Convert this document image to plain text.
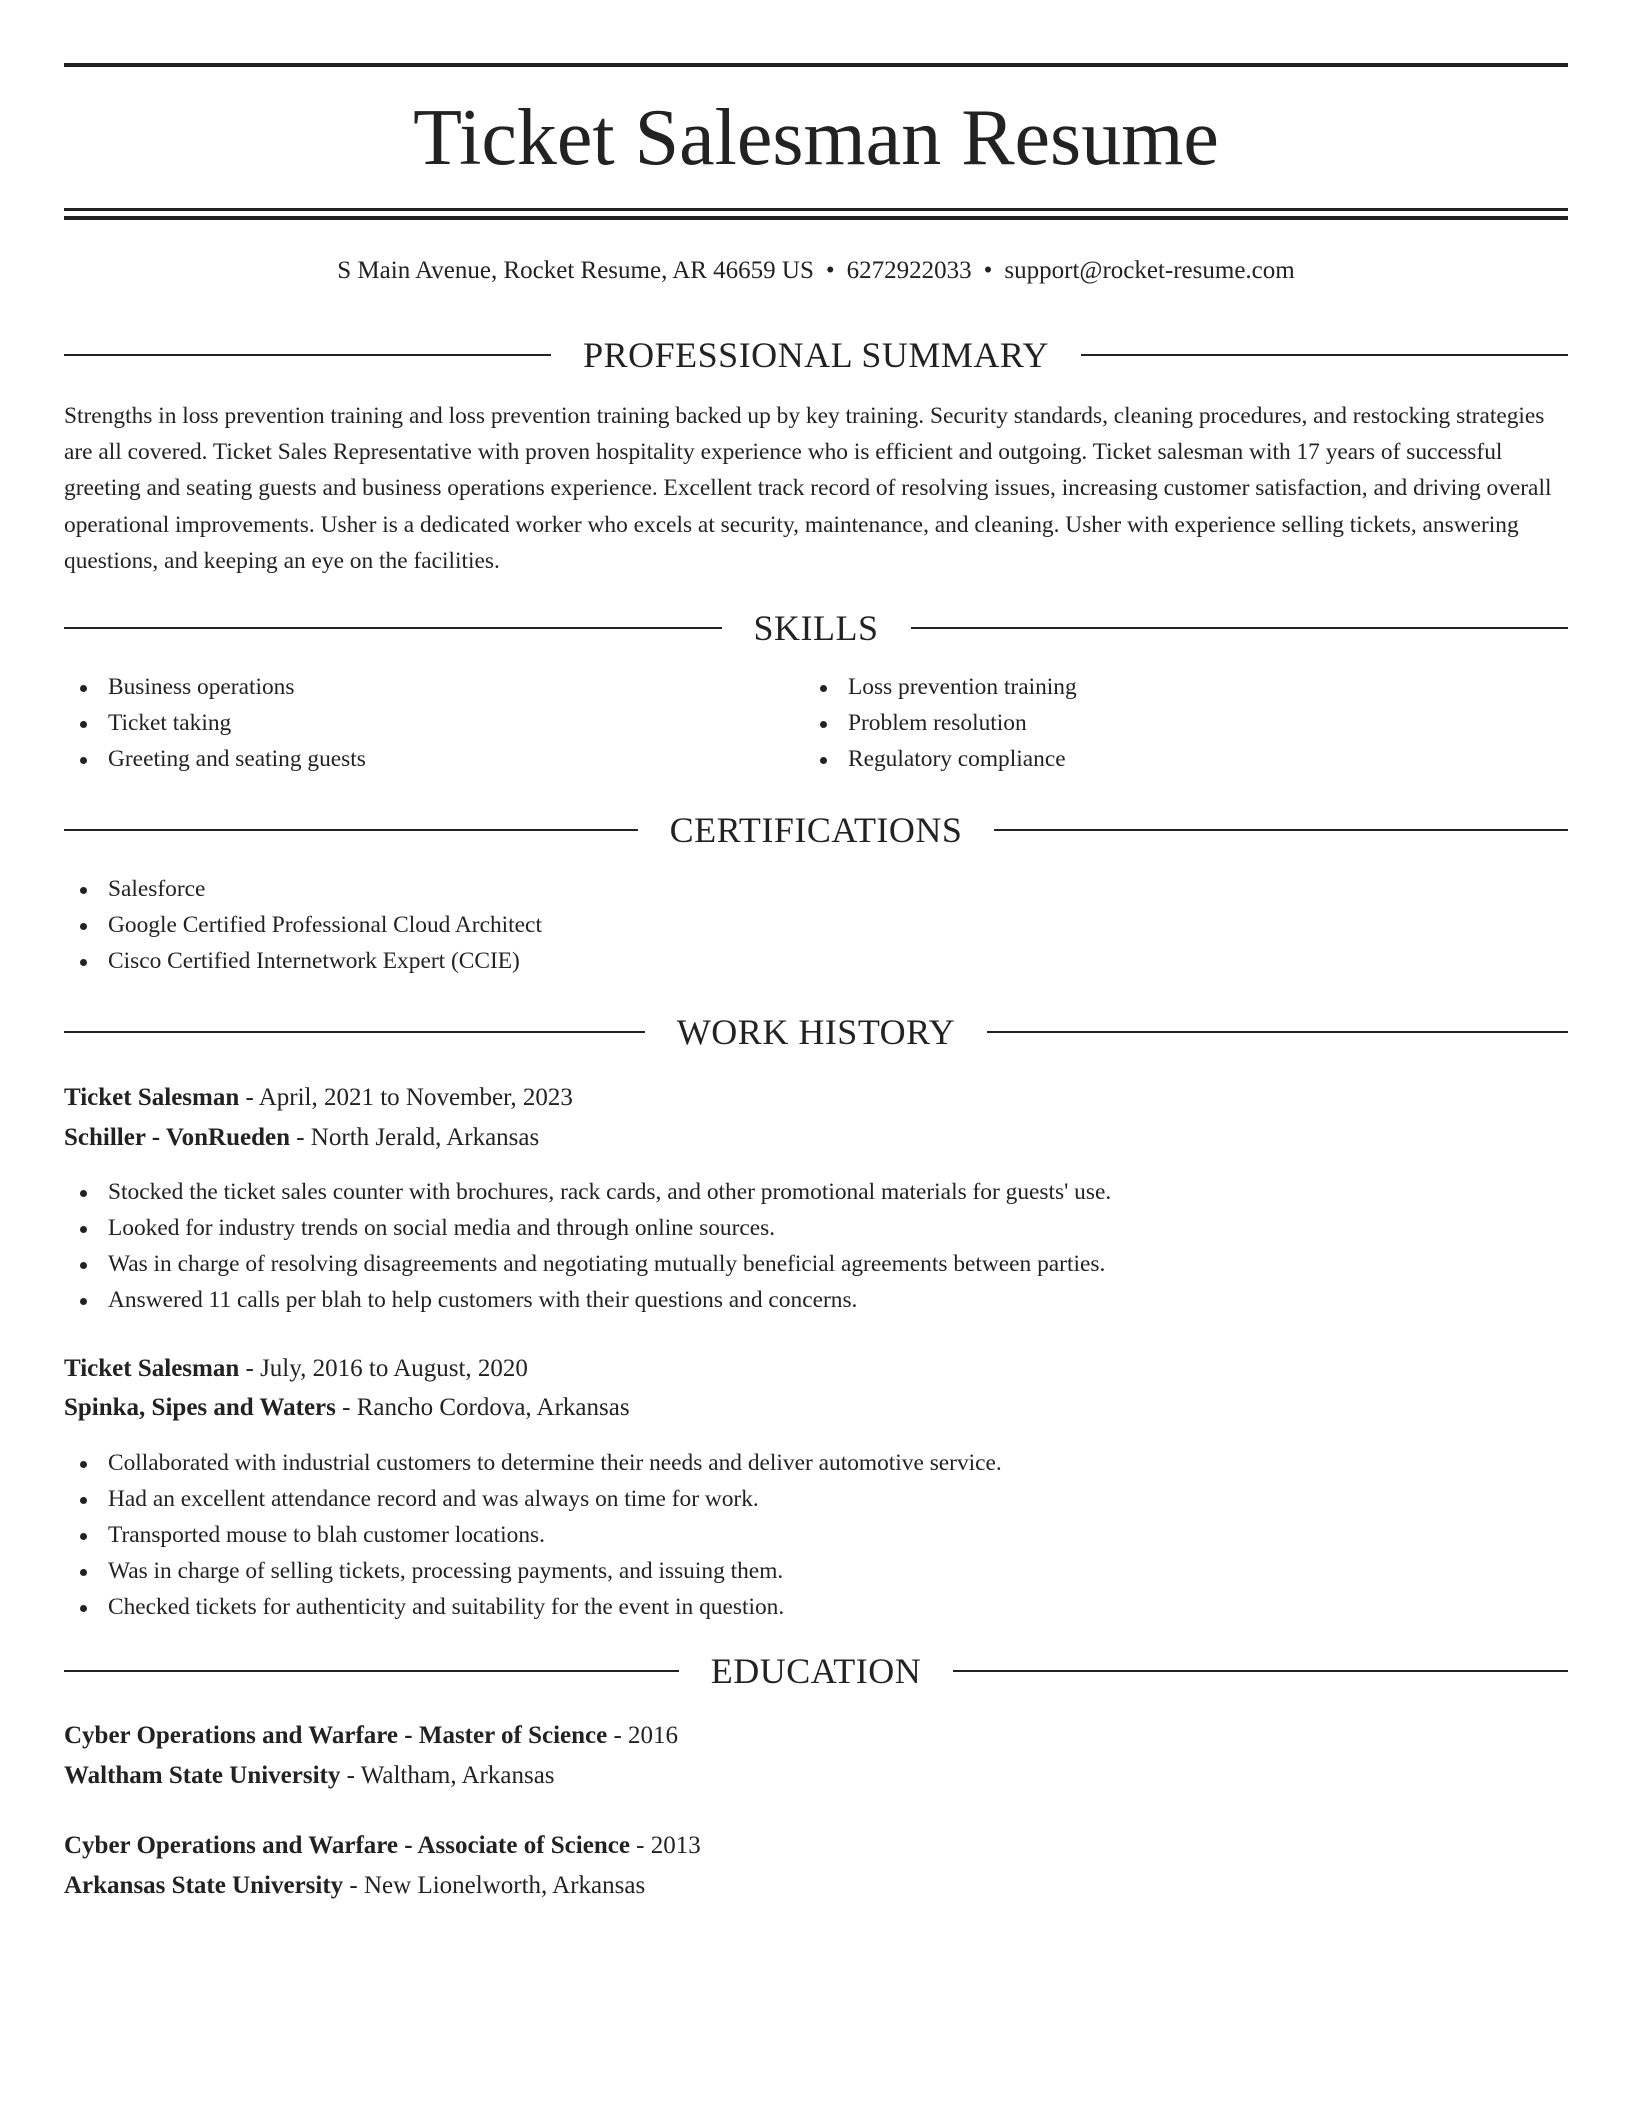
Ticket Salesman Resume
S Main Avenue, Rocket Resume, AR 46659 US • 6272922033 • support@rocket-resume.com
PROFESSIONAL SUMMARY

Strengths in loss prevention training and loss prevention training backed up by key training. Security standards, cleaning procedures, and restocking strategies are all covered. Ticket Sales Representative with proven hospitality experience who is efficient and outgoing. Ticket salesman with 17 years of successful greeting and seating guests and business operations experience. Excellent track record of resolving issues, increasing customer satisfaction, and driving overall operational improvements. Usher is a dedicated worker who excels at security, maintenance, and cleaning. Usher with experience selling tickets, answering questions, and keeping an eye on the facilities.

SKILLS
Business operations
Ticket taking
Greeting and seating guests
Loss prevention training
Problem resolution
Regulatory compliance
CERTIFICATIONS
Salesforce
Google Certified Professional Cloud Architect
Cisco Certified Internetwork Expert (CCIE)
WORK HISTORY
Ticket Salesman - April, 2021 to November, 2023
Schiller - VonRueden - North Jerald, Arkansas
Stocked the ticket sales counter with brochures, rack cards, and other promotional materials for guests' use.
Looked for industry trends on social media and through online sources.
Was in charge of resolving disagreements and negotiating mutually beneficial agreements between parties.
Answered 11 calls per blah to help customers with their questions and concerns.
Ticket Salesman - July, 2016 to August, 2020
Spinka, Sipes and Waters - Rancho Cordova, Arkansas
Collaborated with industrial customers to determine their needs and deliver automotive service.
Had an excellent attendance record and was always on time for work.
Transported mouse to blah customer locations.
Was in charge of selling tickets, processing payments, and issuing them.
Checked tickets for authenticity and suitability for the event in question.
EDUCATION
Cyber Operations and Warfare - Master of Science - 2016
Waltham State University - Waltham, Arkansas
Cyber Operations and Warfare - Associate of Science - 2013
Arkansas State University - New Lionelworth, Arkansas
